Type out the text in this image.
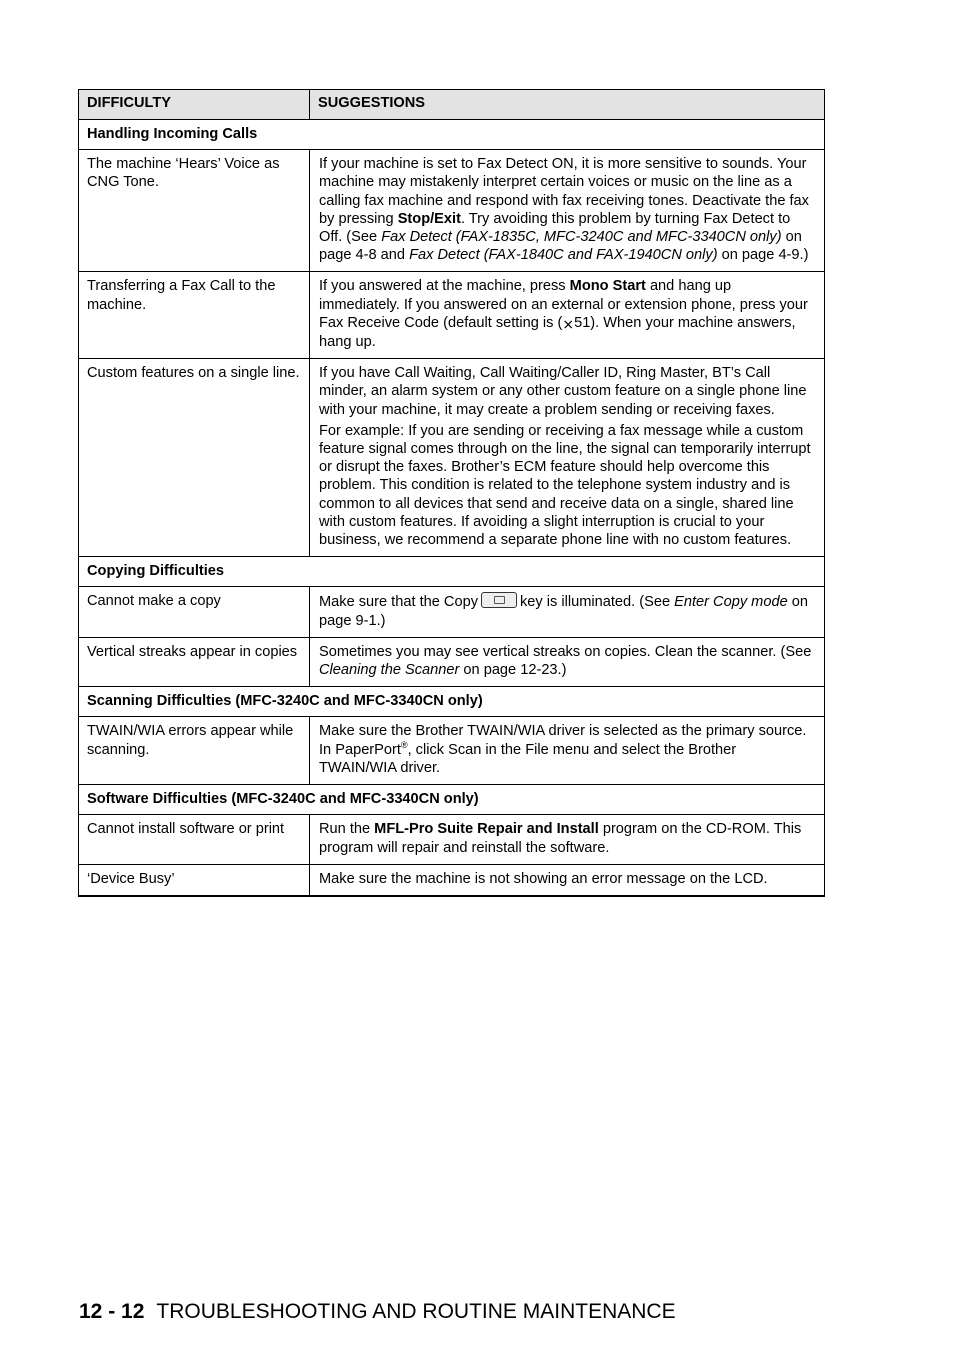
DIFFICULTY	SUGGESTIONS
Handling Incoming Calls	
The machine ‘Hears’ Voice as CNG Tone.	If your machine is set to Fax Detect ON, it is more sensitive to sounds. Your machine may mistakenly interpret certain voices or music on the line as a calling fax machine and respond with fax receiving tones. Deactivate the fax by pressing Stop/Exit. Try avoiding this problem by turning Fax Detect to Off. (See Fax Detect (FAX-1835C, MFC-3240C and MFC-3340CN only) on page 4-8 and Fax Detect (FAX-1840C and FAX-1940CN only) on page 4-9.)
Transferring a Fax Call to the machine.	If you answered at the machine, press Mono Start and hang up immediately. If you answered on an external or extension phone, press your Fax Receive Code (default setting is (⨯51). When your machine answers, hang up.
Custom features on a single line.	If you have Call Waiting, Call Waiting/Caller ID, Ring Master, BT’s Call minder, an alarm system or any other custom feature on a single phone line with your machine, it may create a problem sending or receiving faxes.

For example: If you are sending or receiving a fax message while a custom feature signal comes through on the line, the signal can temporarily interrupt or disrupt the faxes. Brother’s ECM feature should help overcome this problem. This condition is related to the telephone system industry and is common to all devices that send and receive data on a single, shared line with custom features. If avoiding a slight interruption is crucial to your business, we recommend a separate phone line with no custom features.

Copying Difficulties	
Cannot make a copy	Make sure that the Copy key is illuminated. (See Enter Copy mode on page 9-1.)
Vertical streaks appear in copies	Sometimes you may see vertical streaks on copies. Clean the scanner. (See Cleaning the Scanner on page 12-23.)
Scanning Difficulties (MFC-3240C and MFC-3340CN only)	
TWAIN/WIA errors appear while scanning.	Make sure the Brother TWAIN/WIA driver is selected as the primary source. In PaperPort®, click Scan in the File menu and select the Brother TWAIN/WIA driver.
Software Difficulties (MFC-3240C and MFC-3340CN only)	
Cannot install software or print	Run the MFL-Pro Suite Repair and Install program on the CD-ROM. This program will repair and reinstall the software.
‘Device Busy’	Make sure the machine is not showing an error message on the LCD.
12 - 12 TROUBLESHOOTING AND ROUTINE MAINTENANCE
